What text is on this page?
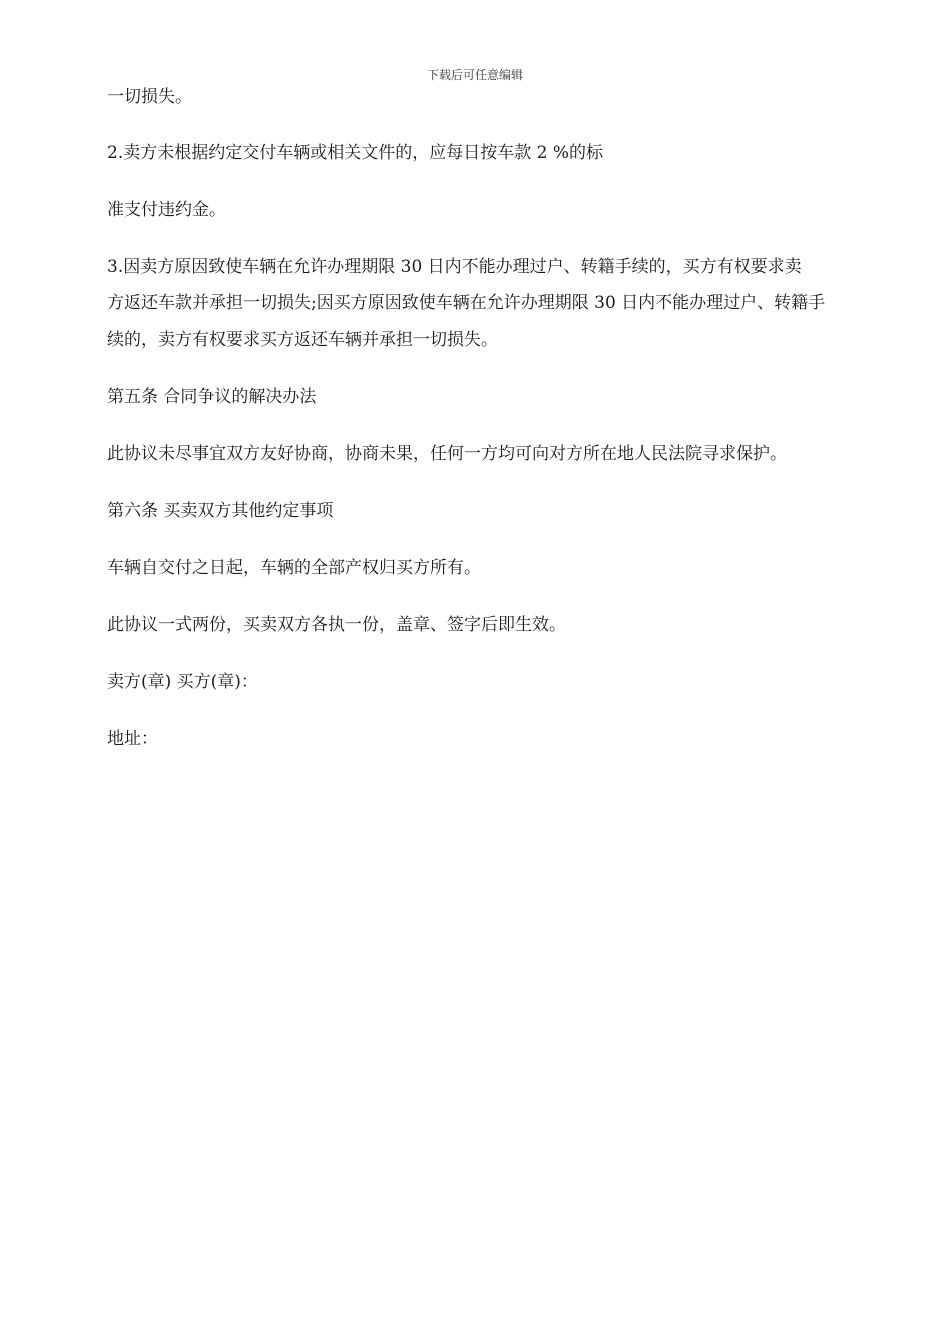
下载后可任意编辑
一切损失。
2.卖方未根据约定交付车辆或相关文件的，应每日按车款 2 %的标
准支付违约金。
3.因卖方原因致使车辆在允许办理期限 30 日内不能办理过户、转籍手续的，买方有权要求卖
方返还车款并承担一切损失;因买方原因致使车辆在允许办理期限 30 日内不能办理过户、转籍手
续的，卖方有权要求买方返还车辆并承担一切损失。
第五条 合同争议的解决办法
此协议未尽事宜双方友好协商，协商未果，任何一方均可向对方所在地人民法院寻求保护。
第六条 买卖双方其他约定事项
车辆自交付之日起，车辆的全部产权归买方所有。
此协议一式两份，买卖双方各执一份，盖章、签字后即生效。
卖方(章) 买方(章)：
地址：
